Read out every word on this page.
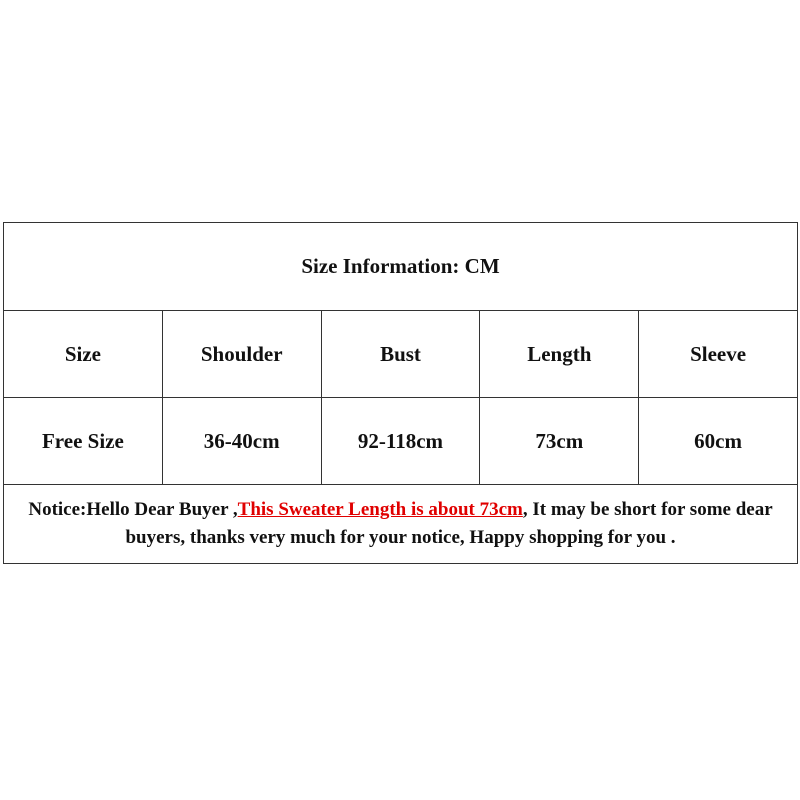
Size Information: CM				
Size	Shoulder	Bust	Length	Sleeve
Free Size	36-40cm	92-118cm	73cm	60cm
Notice:Hello Dear Buyer ,This Sweater Length is about 73cm, It may be short for some dear buyers, thanks very much for your notice, Happy shopping for you .				
